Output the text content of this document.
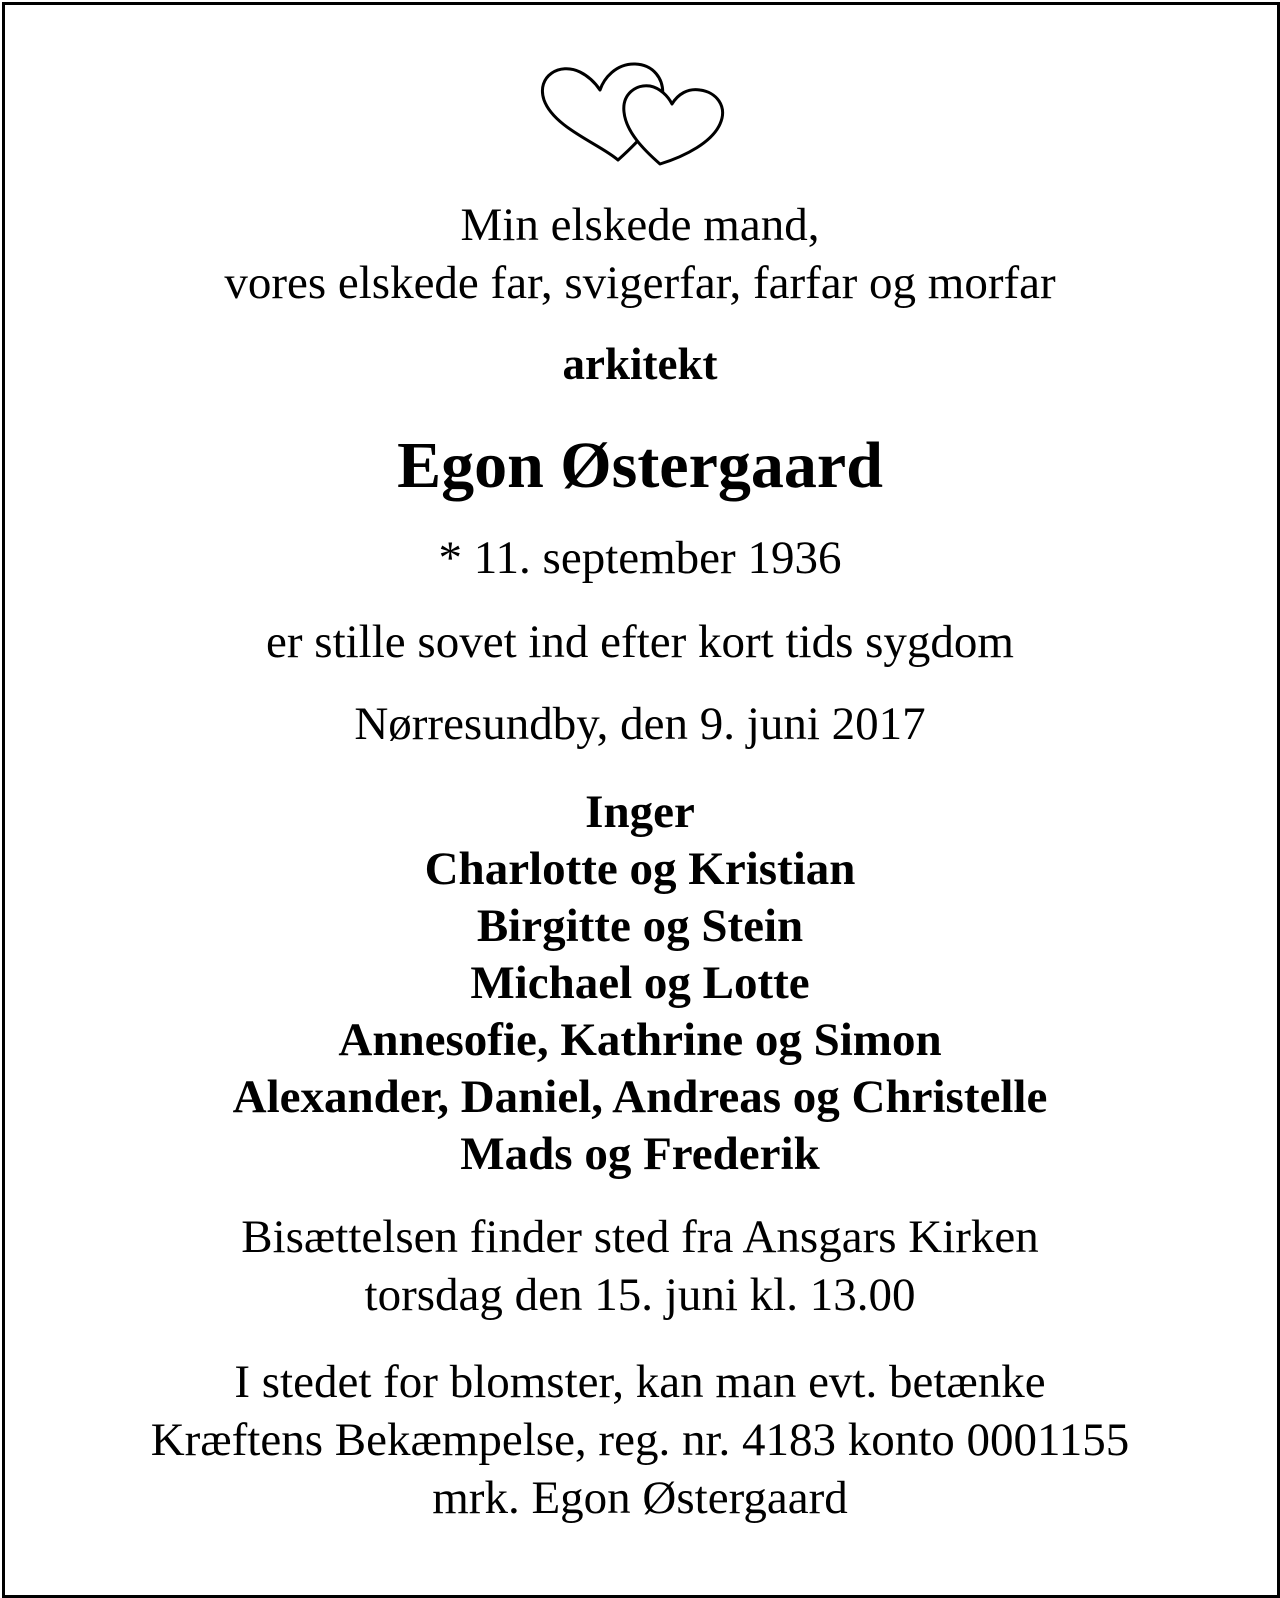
Min elskede mand,
vores elskede far, svigerfar, farfar og morfar
arkitekt
Egon Østergaard
* 11. september 1936
er stille sovet ind efter kort tids sygdom
Nørresundby, den 9. juni 2017
Inger
Charlotte og Kristian
Birgitte og Stein
Michael og Lotte
Annesofie, Kathrine og Simon
Alexander, Daniel, Andreas og Christelle
Mads og Frederik
Bisættelsen finder sted fra Ansgars Kirken
torsdag den 15. juni kl. 13.00
I stedet for blomster, kan man evt. betænke
Kræftens Bekæmpelse, reg. nr. 4183 konto 0001155
mrk. Egon Østergaard
